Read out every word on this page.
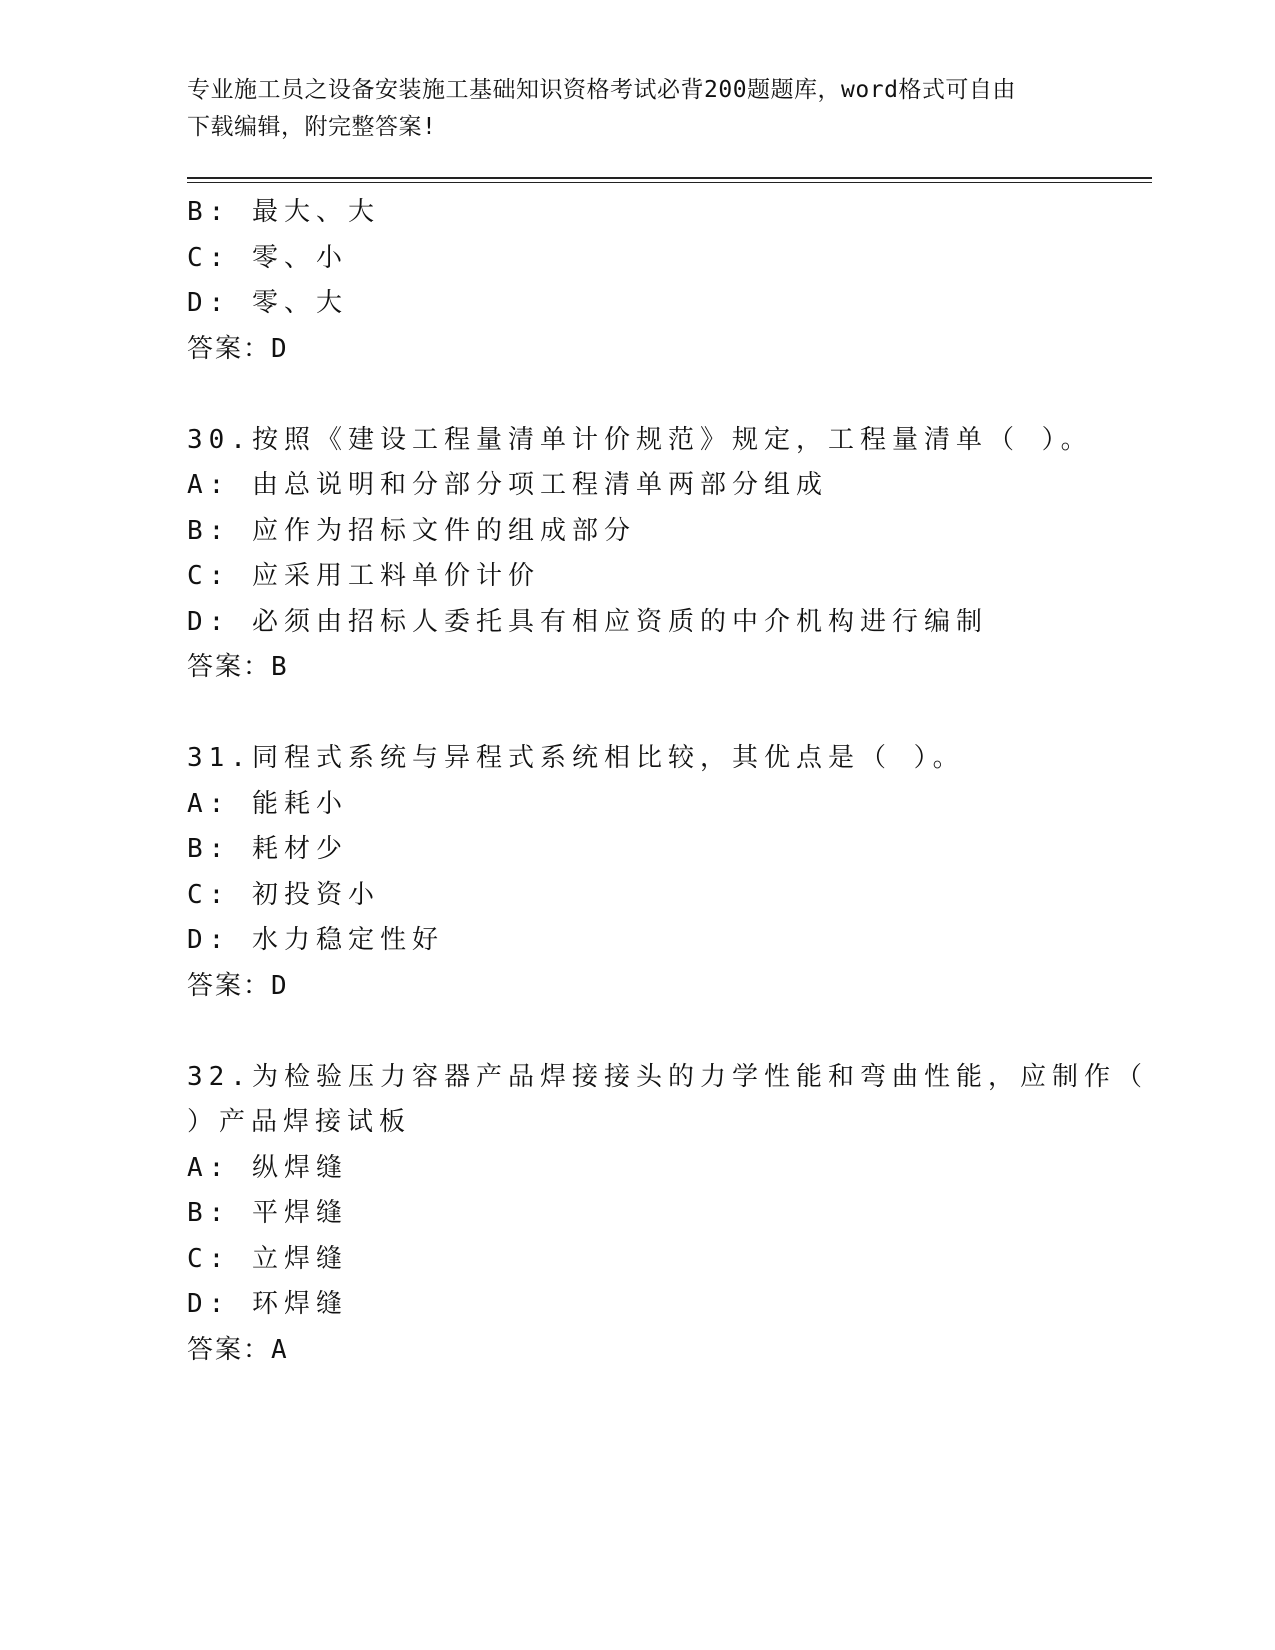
专业施工员之设备安装施工基础知识资格考试必背200题题库，word格式可自由
下载编辑，附完整答案!
B: 最大、大
C: 零、小
D: 零、大
答案：D
30.按照《建设工程量清单计价规范》规定，工程量清单（ ）。
A: 由总说明和分部分项工程清单两部分组成
B: 应作为招标文件的组成部分
C: 应采用工料单价计价
D: 必须由招标人委托具有相应资质的中介机构进行编制
答案：B
31.同程式系统与异程式系统相比较，其优点是（ ）。
A: 能耗小
B: 耗材少
C: 初投资小
D: 水力稳定性好
答案：D
32.为检验压力容器产品焊接接头的力学性能和弯曲性能，应制作（
）产品焊接试板
A: 纵焊缝
B: 平焊缝
C: 立焊缝
D: 环焊缝
答案：A
